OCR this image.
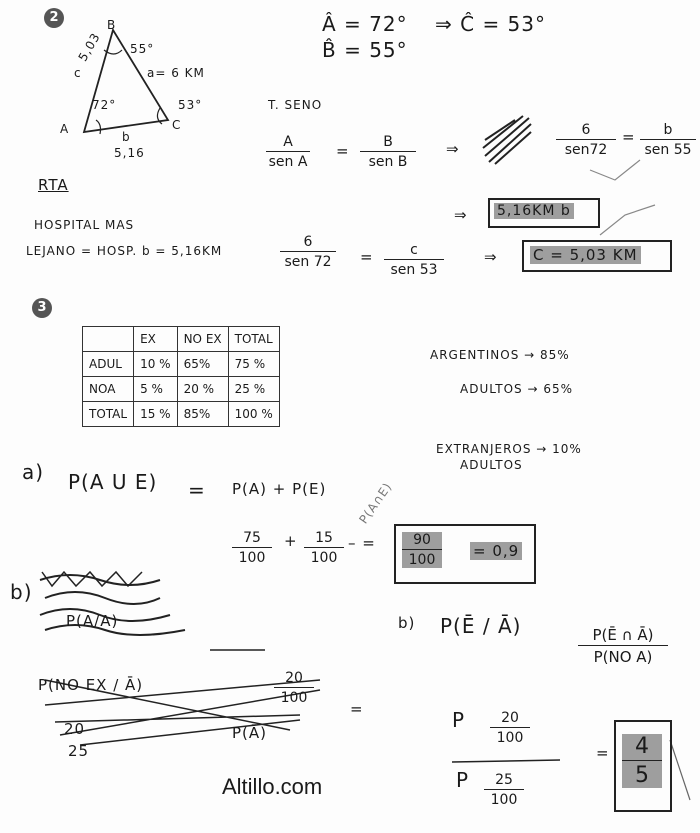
2	B
55°
5,03
c	a= 6 KM
72°	53°
A	C
b
5,16
Â = 72°
B̂ = 55°
⇒ Ĉ = 53°
T. SENO
A
sen A
=	B
sen B
⇒
6
sen72
=	b
sen 55
⇒ 5,16KM b
RTA
HOSPITAL MAS
LEJANO = HOSP. b = 5,16KM
6
sen 72 =	c
sen 53
⇒ C = 5,03 KM
3
	EX	NO EX	TOTAL
ADUL	10 %	65%	75 %
NOA	5 %	20 %	25 %
TOTAL	15 %	85%	100 %
ARGENTINOS → 85%
ADULTOS → 65%
EXTRANJEROS → 10%
ADULTOS
a) P(A U E) = P(A) + P(E)
$\frac{75}{100} + \frac{15}{100}$
P(A∩E)
– = $\frac{90}{100} = 0,9$
b)
P(A/A)
P(NO EX / Ā)	$\frac{20}{100}$
20
25
P(Ā)
=
b) P(Ē / Ā)	$\frac{P(Ē \cap Ā)}{\text{P(NO A)}}$
P $\frac{20}{100}$
P $\frac{25}{100}$
= $\frac{4}{5}$
Altillo.com
